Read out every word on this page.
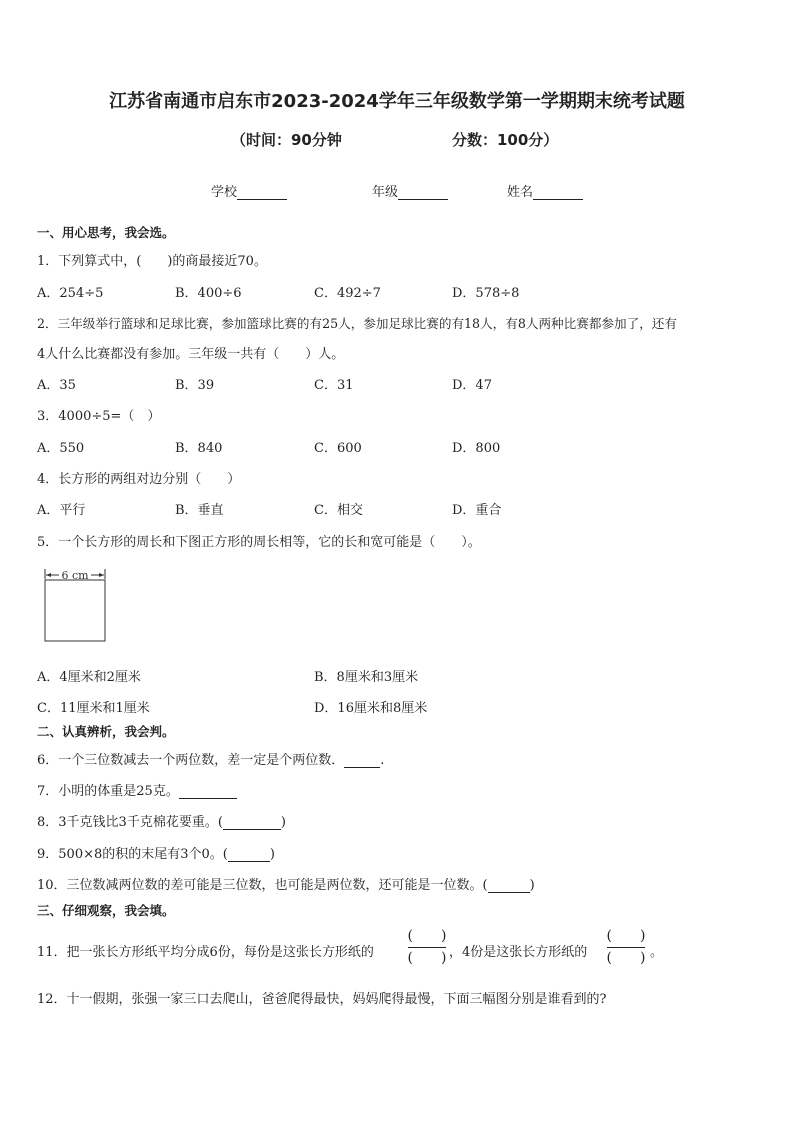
江苏省南通市启东市2023-2024学年三年级数学第一学期期末统考试题
（时间：90分钟	分数：100分）
学校	年级	姓名
一、用心思考，我会选。
1．下列算式中，(　　)的商最接近70。
A．254÷5	B．400÷6	C．492÷7	D．578÷8
2．三年级举行篮球和足球比赛，参加篮球比赛的有25人，参加足球比赛的有18人，有8人两种比赛都参加了，还有
4人什么比赛都没有参加。三年级一共有（　　）人。
A．35	B．39	C．31	D．47
3．4000÷5=（　）
A．550	B．840	C．600	D．800
4．长方形的两组对边分别（　　）
A．平行	B．垂直	C．相交	D．重合
5．一个长方形的周长和下图正方形的周长相等，它的长和宽可能是（　　）。
6 cm
A．4厘米和2厘米	B．8厘米和3厘米
C．11厘米和1厘米	D．16厘米和8厘米
二、认真辨析，我会判。
6．一个三位数减去一个两位数，差一定是个两位数．	.
7．小明的体重是25克。
8．3千克钱比3千克棉花要重。(	)
9．500×8的积的末尾有3个0。(	)
10．三位数减两位数的差可能是三位数，也可能是两位数，还可能是一位数。(	)
三、仔细观察，我会填。
11．把一张长方形纸平均分成6份，每份是这张长方形纸的
(　　)
(　　) ，4份是这张长方形纸的
(　　)
(　　) 。
12．十一假期，张强一家三口去爬山，爸爸爬得最快，妈妈爬得最慢，下面三幅图分别是谁看到的?
